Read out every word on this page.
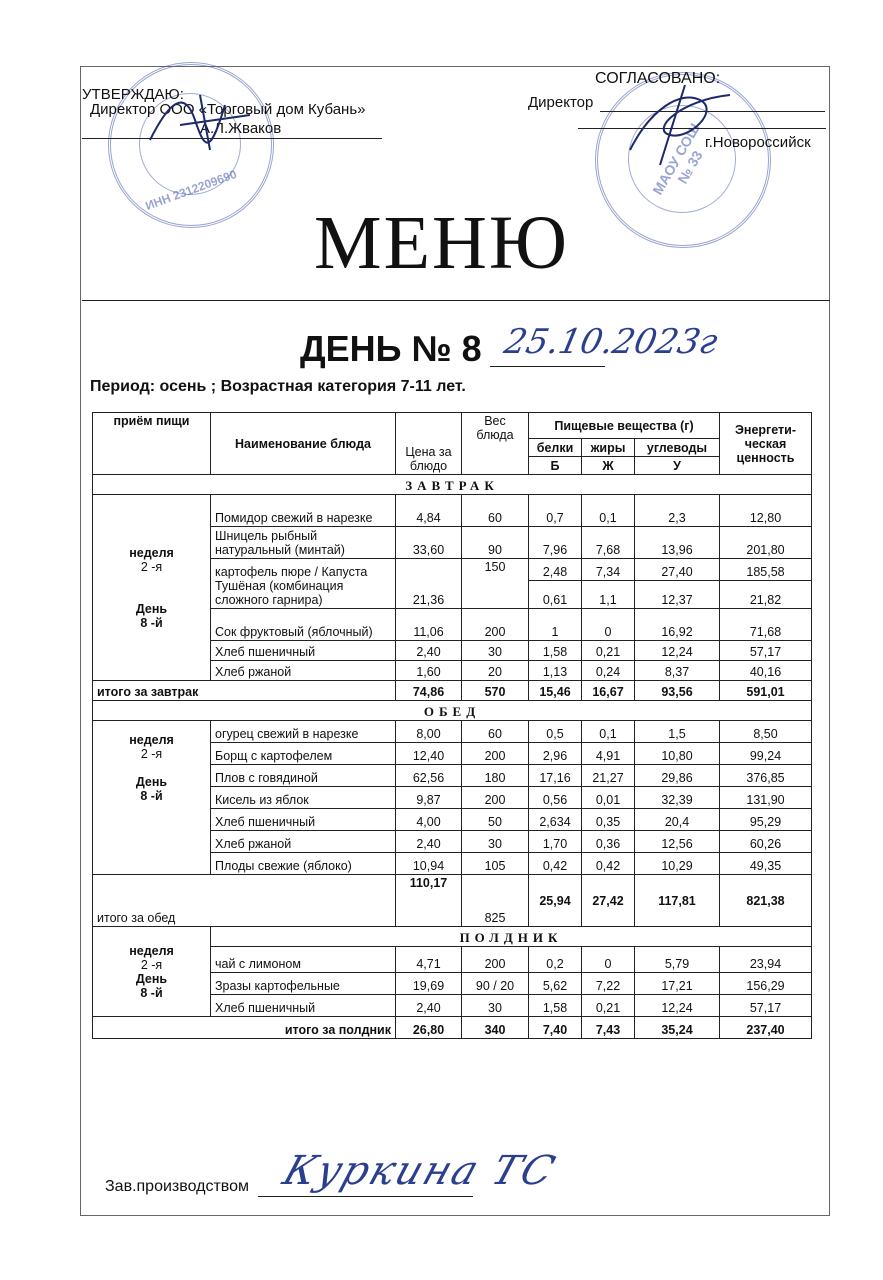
ИНН 2312209690	МАОУ СОШ № 33
УТВЕРЖДАЮ:
Директор ООО «Торговый дом Кубань»
А.Л.Жваков
СОГЛАСОВАНО:
Директор
г.Новороссийск
МЕНЮ
ДЕНЬ № 8 25.10.2023г
Период: осень ; Возрастная категория 7-11 лет.
приём пищи	Наименование блюда	Цена за блюдо	Вес блюда	Пищевые вещества (г)			Энергети-ческая ценность
				белки	жиры	углеводы	
				Б	Ж	У	
ЗАВТРАК							

неделя
2 -я

День
8 -й	Помидор свежий в нарезке	4,84	60	0,7	0,1	2,3	12,80
	Шницель рыбный натуральный (минтай)	33,60	90	7,96	7,68	13,96	201,80
	картофель пюре / Капуста Тушёная (комбинация сложного гарнира)	21,36	150	2,48	7,34	27,40	185,58
				0,61	1,1	12,37	21,82
	Сок фруктовый (яблочный)	11,06	200	1	0	16,92	71,68
	Хлеб пшеничный	2,40	30	1,58	0,21	12,24	57,17
	Хлеб ржаной	1,60	20	1,13	0,24	8,37	40,16
итого за завтрак		74,86	570	15,46	16,67	93,56	591,01
ОБЕД							

неделя
2 -я

День
8 -й	огурец свежий в нарезке	8,00	60	0,5	0,1	1,5	8,50
	Борщ с картофелем	12,40	200	2,96	4,91	10,80	99,24
	Плов с говядиной	62,56	180	17,16	21,27	29,86	376,85
	Кисель из яблок	9,87	200	0,56	0,01	32,39	131,90
	Хлеб пшеничный	4,00	50	2,634	0,35	20,4	95,29
	Хлеб ржаной	2,40	30	1,70	0,36	12,56	60,26
	Плоды свежие (яблоко)	10,94	105	0,42	0,42	10,29	49,35
итого за обед		110,17	825	25,94	27,42	117,81	821,38

неделя
2 -я
День
8 -й	ПОЛДНИК						
	чай с лимоном	4,71	200	0,2	0	5,79	23,94
	Зразы картофельные	19,69	90 / 20	5,62	7,22	17,21	156,29
	Хлеб пшеничный	2,40	30	1,58	0,21	12,24	57,17
итого за полдник		26,80	340	7,40	7,43	35,24	237,40
Зав.производством Куркина ТС
